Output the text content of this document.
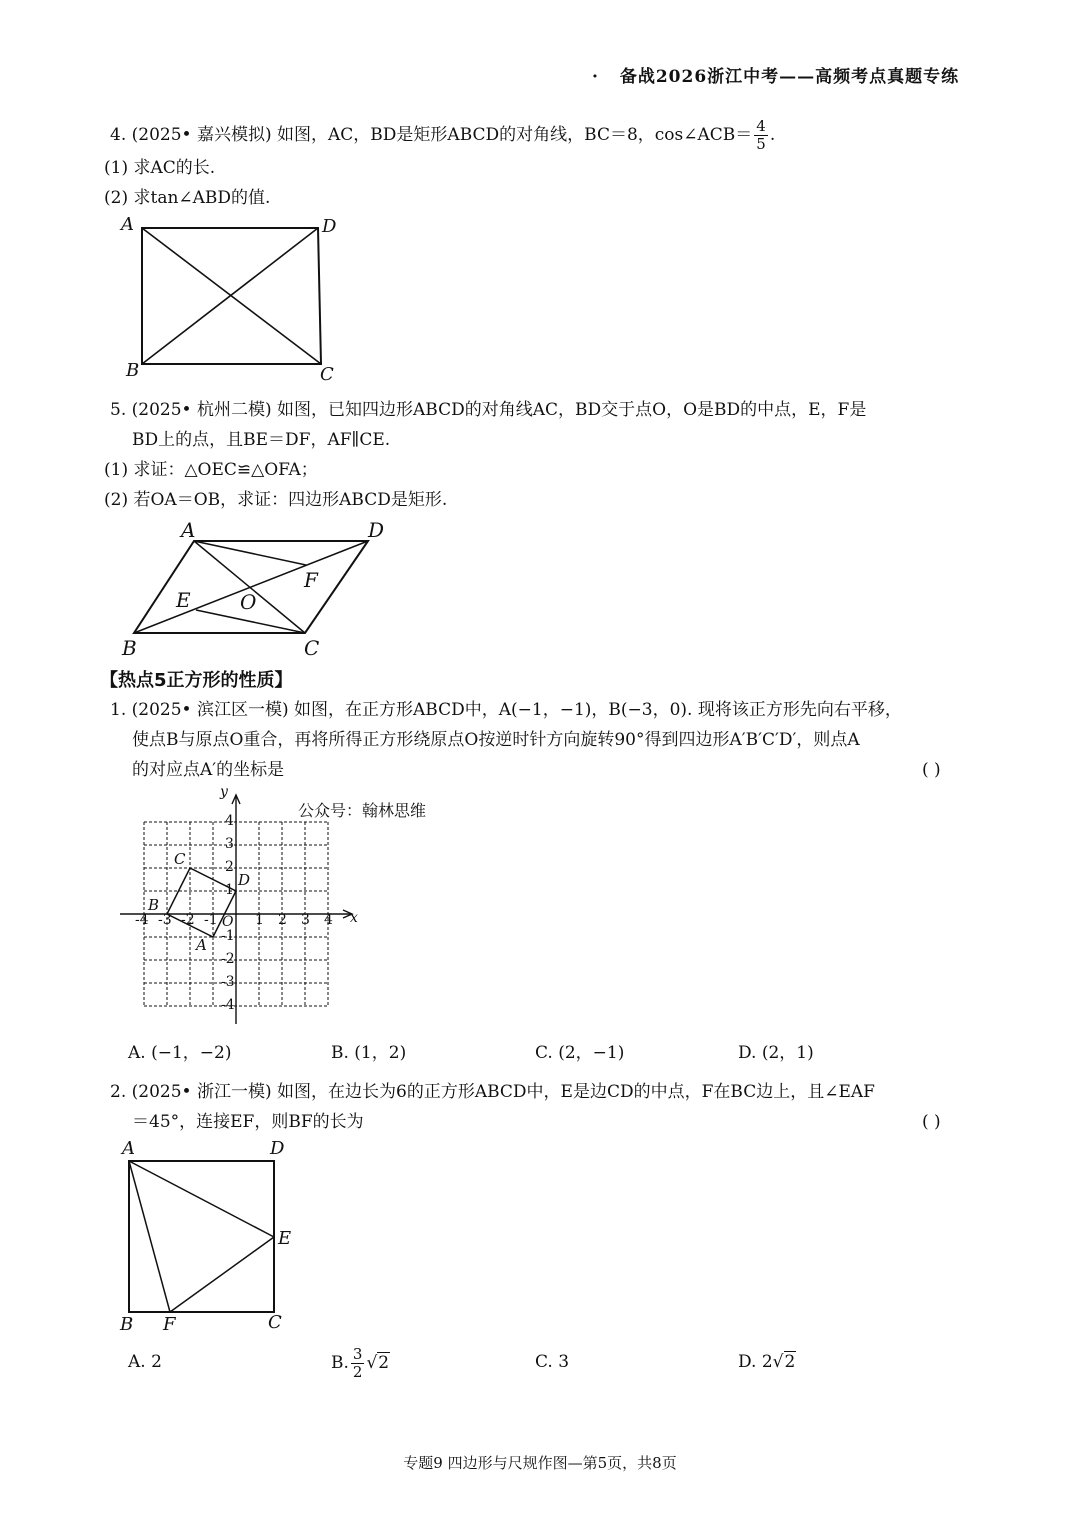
· 备战2026浙江中考——高频考点真题专练
4. (2025• 嘉兴模拟) 如图，AC，BD是矩形ABCD的对角线，BC＝8，cos∠ACB＝ $\frac{4}{5}$ .
(1) 求AC的长.
(2) 求tan∠ABD的值.
A	D
B	C
5. (2025• 杭州二模) 如图，已知四边形ABCD的对角线AC，BD交于点O，O是BD的中点，E，F是
BD上的点，且BE＝DF，AF∥CE.
(1) 求证：△OEC≌△OFA；
(2) 若OA＝OB，求证：四边形ABCD是矩形.
A	D
F
E O
B	C
【热点5正方形的性质】
1. (2025• 滨江区一模) 如图，在正方形ABCD中，A(−1，−1)，B(−3，0). 现将该正方形先向右平移，
使点B与原点O重合，再将所得正方形绕原点O按逆时针方向旋转90°得到四边形A′B′C′D′，则点A
的对应点A′的坐标是	( )
y
x
O
公众号：翰林思维
-4 -3 -2 -1	1 2 3 4
4
3
2
1
-1
-2
-3
-4
C
D
B
A
A. (−1，−2)	B. (1，2)	C. (2，−1)	D. (2，1)
2. (2025• 浙江一模) 如图，在边长为6的正方形ABCD中，E是边CD的中点，F在BC边上，且∠EAF
＝45°，连接EF，则BF的长为	( )
A	D
E
B F	C
A. 2	B. $\frac{3}{2} √2$	C. 3	D. 2√2
专题9 四边形与尺规作图—第5页，共8页
